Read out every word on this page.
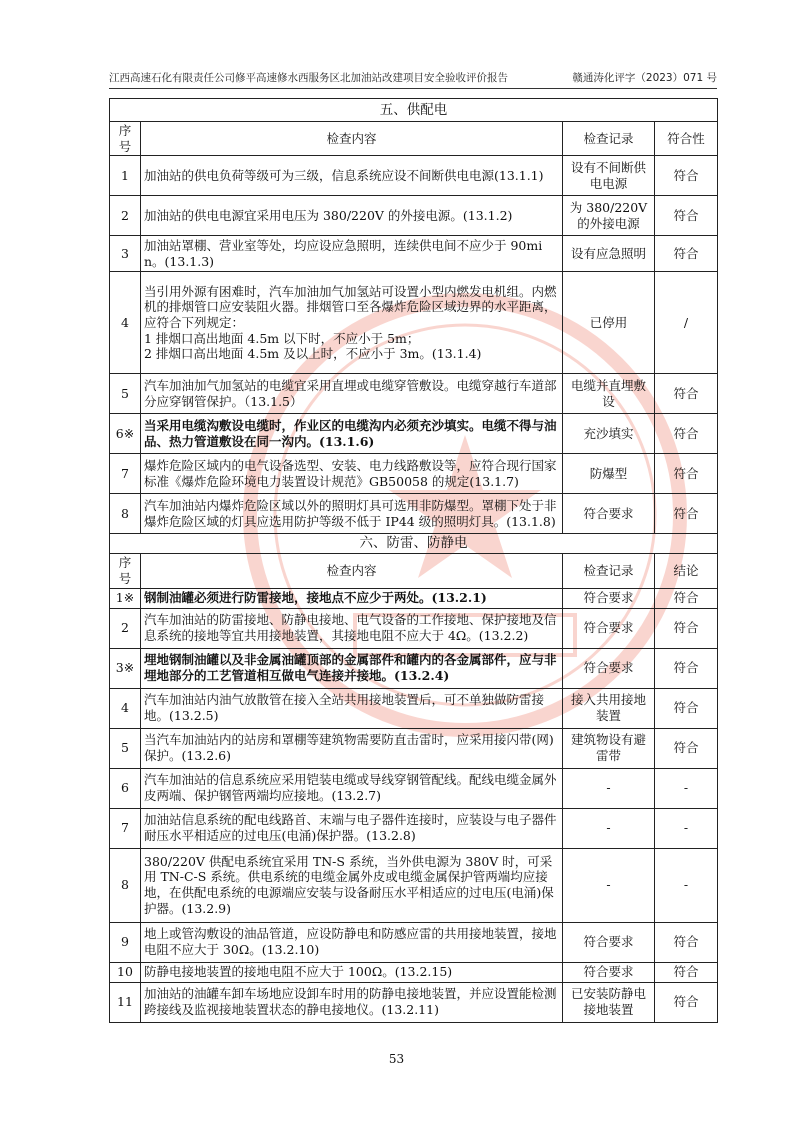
江西高速石化有限责任公司修平高速修水西服务区北加油站改建项目安全验收评价报告	赣通涛化评字（2023）071 号
五、供配电			
序号	检查内容	检查记录	符合性
1	加油站的供电负荷等级可为三级，信息系统应设不间断供电电源(13.1.1)	设有不间断供电电源	符合
2	加油站的供电电源宜采用电压为 380/220V 的外接电源。(13.1.2)	为 380/220V 的外接电源	符合
3	加油站罩棚、营业室等处，均应设应急照明，连续供电间不应少于 90min。(13.1.3)	设有应急照明	符合
4	当引用外源有困难时，汽车加油加气加氢站可设置小型内燃发电机组。内燃机的排烟管口应安装阻火器。排烟管口至各爆炸危险区域边界的水平距离，应符合下列规定：
1 排烟口高出地面 4.5m 以下时，不应小于 5m；
2 排烟口高出地面 4.5m 及以上时，不应小于 3m。(13.1.4)	已停用	/
5	汽车加油加气加氢站的电缆宜采用直埋或电缆穿管敷设。电缆穿越行车道部分应穿钢管保护。（13.1.5）	电缆并直埋敷设	符合
6※	当采用电缆沟敷设电缆时，作业区的电缆沟内必须充沙填实。电缆不得与油品、热力管道敷设在同一沟内。(13.1.6)	充沙填实	符合
7	爆炸危险区域内的电气设备选型、安装、电力线路敷设等，应符合现行国家标准《爆炸危险环境电力装置设计规范》GB50058 的规定(13.1.7)	防爆型	符合
8	汽车加油站内爆炸危险区域以外的照明灯具可选用非防爆型。罩棚下处于非爆炸危险区域的灯具应选用防护等级不低于 IP44 级的照明灯具。(13.1.8)	符合要求	符合
六、防雷、防静电			
序号	检查内容	检查记录	结论
1※	钢制油罐必须进行防雷接地，接地点不应少于两处。(13.2.1)	符合要求	符合
2	汽车加油站的防雷接地、防静电接地、电气设备的工作接地、保护接地及信息系统的接地等宜共用接地装置，其接地电阻不应大于 4Ω。(13.2.2)	符合要求	符合
3※	埋地钢制油罐以及非金属油罐顶部的金属部件和罐内的各金属部件，应与非埋地部分的工艺管道相互做电气连接并接地。(13.2.4)	符合要求	符合
4	汽车加油站内油气放散管在接入全站共用接地装置后，可不单独做防雷接地。(13.2.5)	接入共用接地装置	符合
5	当汽车加油站内的站房和罩棚等建筑物需要防直击雷时，应采用接闪带(网)保护。(13.2.6)	建筑物设有避雷带	符合
6	汽车加油站的信息系统应采用铠装电缆或导线穿钢管配线。配线电缆金属外皮两端、保护钢管两端均应接地。(13.2.7)	-	-
7	加油站信息系统的配电线路首、末端与电子器件连接时，应装设与电子器件耐压水平相适应的过电压(电涌)保护器。(13.2.8)	-	-
8	380/220V 供配电系统宜采用 TN-S 系统，当外供电源为 380V 时，可采用 TN-C-S 系统。供电系统的电缆金属外皮或电缆金属保护管两端均应接地，在供配电系统的电源端应安装与设备耐压水平相适应的过电压(电涌)保护器。(13.2.9)	-	-
9	地上或管沟敷设的油品管道，应设防静电和防感应雷的共用接地装置，接地电阻不应大于 30Ω。(13.2.10)	符合要求	符合
10	防静电接地装置的接地电阻不应大于 100Ω。(13.2.15)	符合要求	符合
11	加油站的油罐车卸车场地应设卸车时用的防静电接地装置，并应设置能检测跨接线及监视接地装置状态的静电接地仪。(13.2.11)	已安装防静电接地装置	符合
53
